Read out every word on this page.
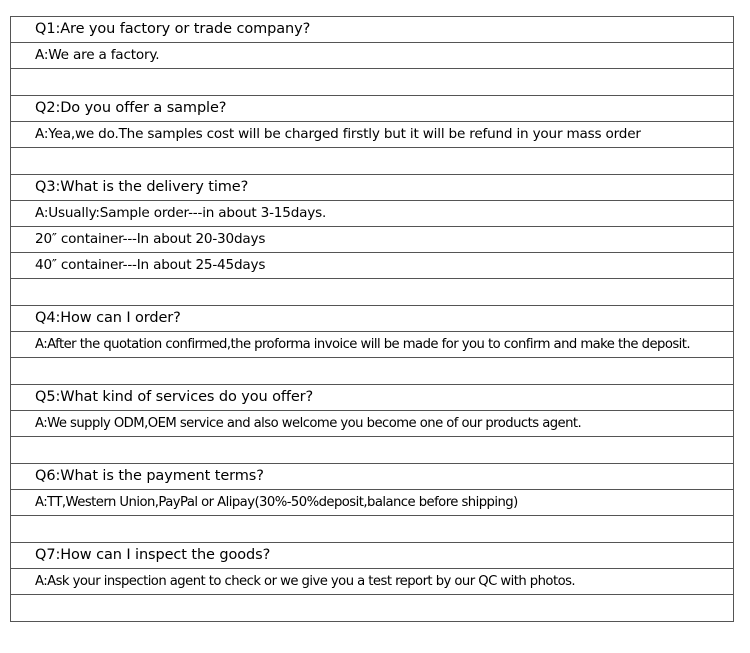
Q1:Are you factory or trade company?
A:We are a factory.

Q2:Do you offer a sample?
A:Yea,we do.The samples cost will be charged firstly but it will be refund in your mass order

Q3:What is the delivery time?
A:Usually:Sample order---in about 3-15days.
20″ container---In about 20-30days
40″ container---In about 25-45days

Q4:How can I order?
A:After the quotation confirmed,the proforma invoice will be made for you to confirm and make the deposit.

Q5:What kind of services do you offer?
A:We supply ODM,OEM service and also welcome you become one of our products agent.

Q6:What is the payment terms?
A:TT,Western Union,PayPal or Alipay(30%-50%deposit,balance before shipping)

Q7:How can I inspect the goods?
A:Ask your inspection agent to check or we give you a test report by our QC with photos.
